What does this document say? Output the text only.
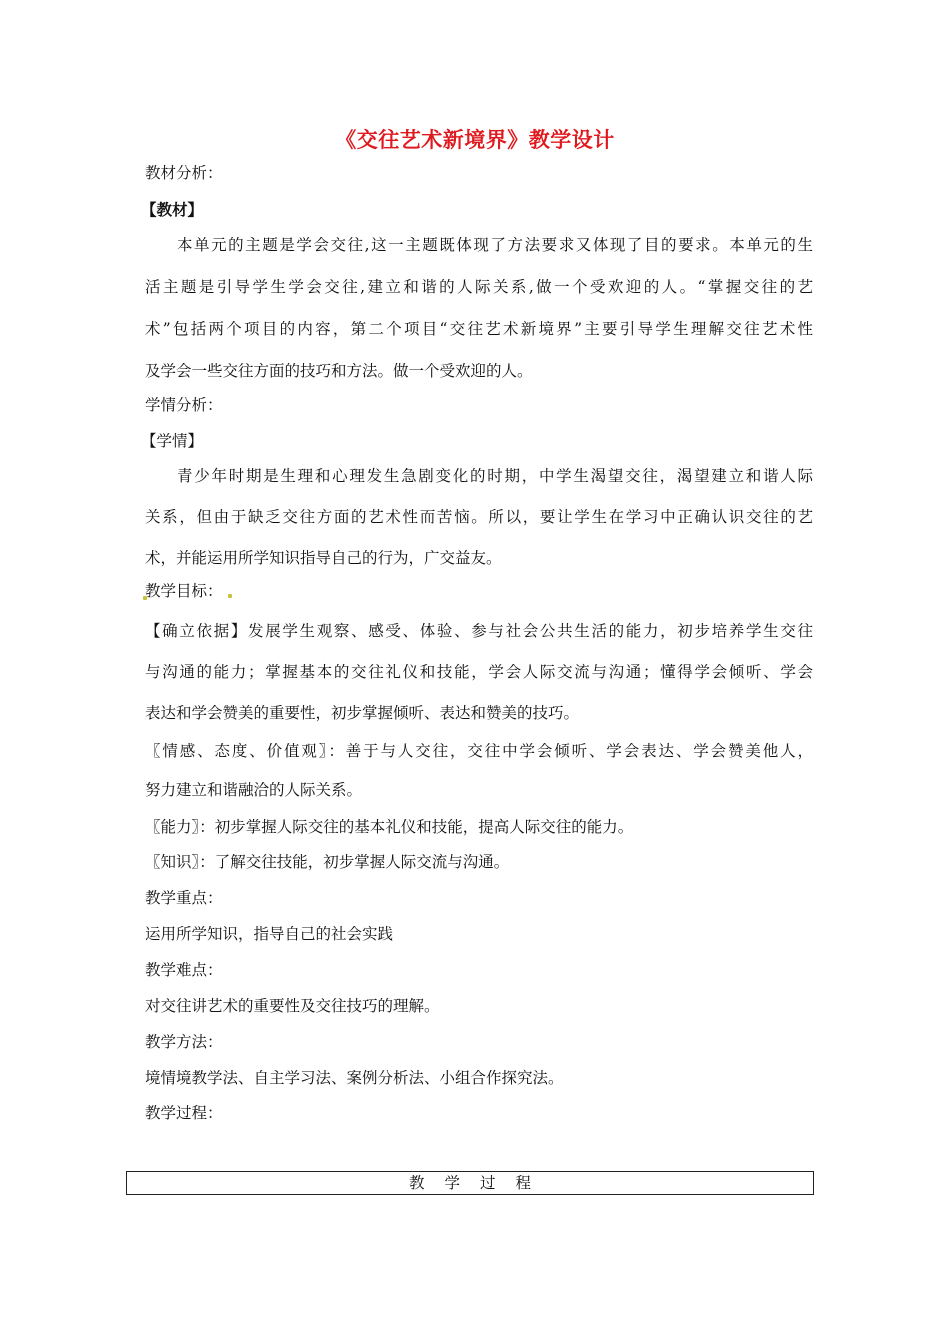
《交往艺术新境界》教学设计
教材分析：
【教材】
本单元的主题是学会交往,这一主题既体现了方法要求又体现了目的要求。本单元的生
活主题是引导学生学会交往,建立和谐的人际关系,做一个受欢迎的人。“掌握交往的艺
术”包括两个项目的内容，第二个项目“交往艺术新境界”主要引导学生理解交往艺术性
及学会一些交往方面的技巧和方法。做一个受欢迎的人。
学情分析：
【学情】
青少年时期是生理和心理发生急剧变化的时期，中学生渴望交往，渴望建立和谐人际
关系，但由于缺乏交往方面的艺术性而苦恼。所以，要让学生在学习中正确认识交往的艺
术，并能运用所学知识指导自己的行为，广交益友。
教学目标：
【确立依据】发展学生观察、感受、体验、参与社会公共生活的能力，初步培养学生交往
与沟通的能力；掌握基本的交往礼仪和技能，学会人际交流与沟通；懂得学会倾听、学会
表达和学会赞美的重要性，初步掌握倾听、表达和赞美的技巧。
〖情感、态度、价值观〗：善于与人交往，交往中学会倾听、学会表达、学会赞美他人，
努力建立和谐融洽的人际关系。
〖能力〗：初步掌握人际交往的基本礼仪和技能，提高人际交往的能力。
〖知识〗：了解交往技能，初步掌握人际交流与沟通。
教学重点：
运用所学知识，指导自己的社会实践
教学难点：
对交往讲艺术的重要性及交往技巧的理解。
教学方法：
境情境教学法、自主学习法、案例分析法、小组合作探究法。
教学过程：
教学过程
